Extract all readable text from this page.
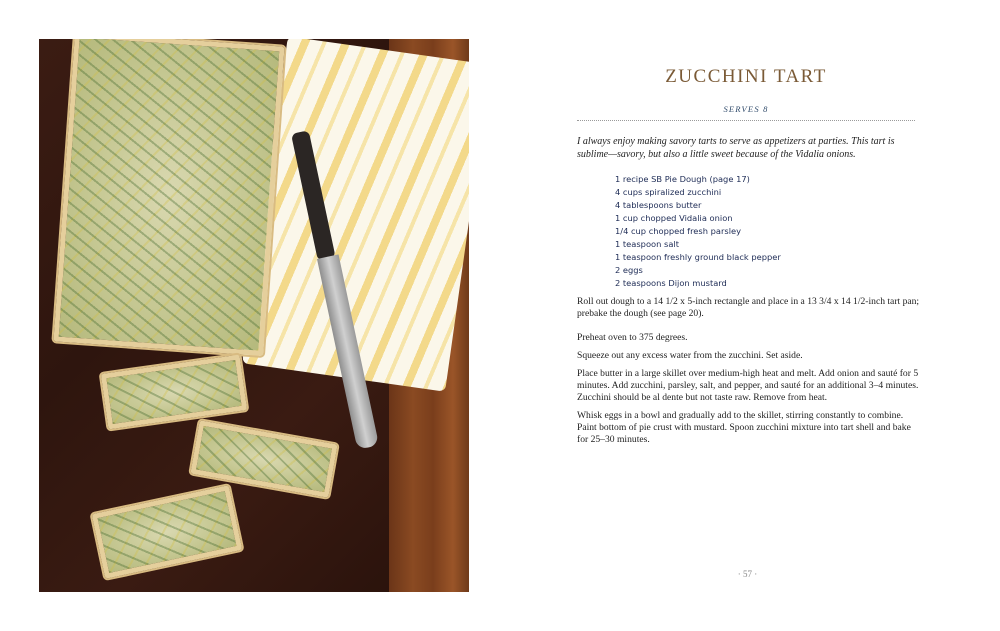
ZUCCHINI TART
SERVES 8
I always enjoy making savory tarts to serve as appetizers at parties. This tart is sublime—savory, but also a little sweet because of the Vidalia onions.
1 recipe SB Pie Dough (page 17)
4 cups spiralized zucchini
4 tablespoons butter
1 cup chopped Vidalia onion
1/4 cup chopped fresh parsley
1 teaspoon salt
1 teaspoon freshly ground black pepper
2 eggs
2 teaspoons Dijon mustard

Roll out dough to a 14 1/2 x 5-inch rectangle and place in a 13 3/4 x 14 1/2-inch tart pan; prebake the dough (see page 20).

Preheat oven to 375 degrees.

Squeeze out any excess water from the zucchini. Set aside.

Place butter in a large skillet over medium-high heat and melt. Add onion and sauté for 5 minutes. Add zucchini, parsley, salt, and pepper, and sauté for an additional 3–4 minutes. Zucchini should be al dente but not taste raw. Remove from heat.

Whisk eggs in a bowl and gradually add to the skillet, stirring constantly to combine. Paint bottom of pie crust with mustard. Spoon zucchini mixture into tart shell and bake for 25–30 minutes.

· 57 ·
